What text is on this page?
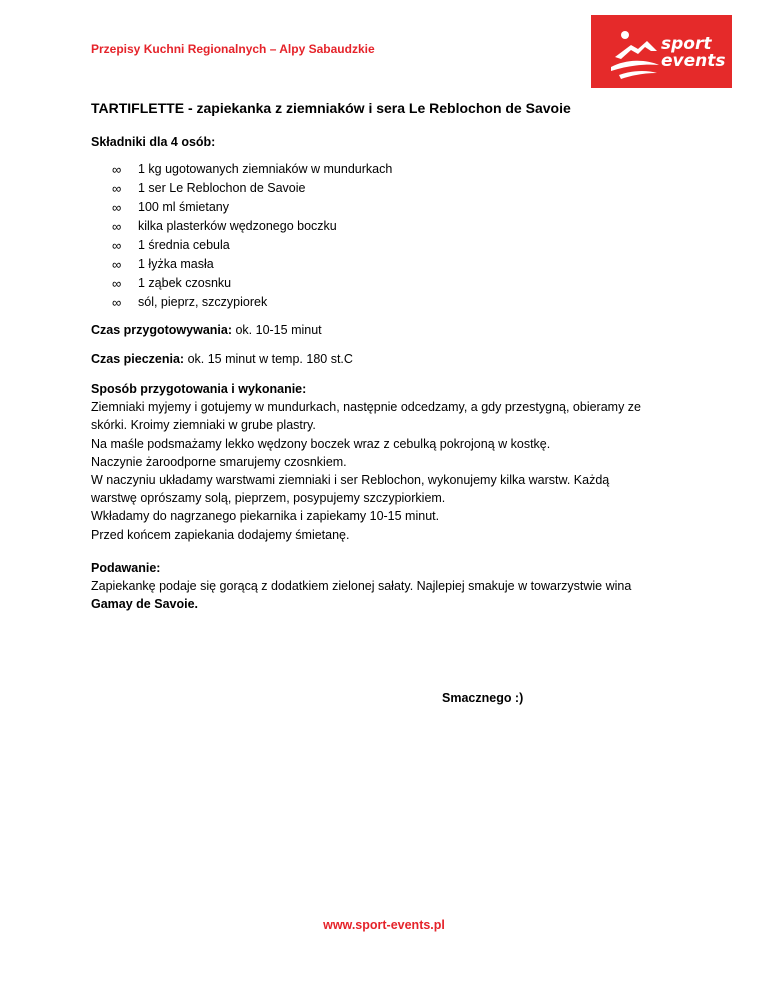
Przepisy Kuchni Regionalnych – Alpy Sabaudzkie	sport
events
TARTIFLETTE - zapiekanka z ziemniaków i sera Le Reblochon de Savoie
Składniki dla 4 osób:
∞ 1 kg ugotowanych ziemniaków w mundurkach
∞ 1 ser Le Reblochon de Savoie
∞ 100 ml śmietany
∞ kilka plasterków wędzonego boczku
∞ 1 średnia cebula
∞ 1 łyżka masła
∞ 1 ząbek czosnku
∞ sól, pieprz, szczypiorek
Czas przygotowywania: ok. 10-15 minut
Czas pieczenia: ok. 15 minut w temp. 180 st.C
Sposób przygotowania i wykonanie:
Ziemniaki myjemy i gotujemy w mundurkach, następnie odcedzamy, a gdy przestygną, obieramy ze
skórki. Kroimy ziemniaki w grube plastry.
Na maśle podsmażamy lekko wędzony boczek wraz z cebulką pokrojoną w kostkę.
Naczynie żaroodporne smarujemy czosnkiem.
W naczyniu układamy warstwami ziemniaki i ser Reblochon, wykonujemy kilka warstw. Każdą
warstwę oprószamy solą, pieprzem, posypujemy szczypiorkiem.
Wkładamy do nagrzanego piekarnika i zapiekamy 10-15 minut.
Przed końcem zapiekania dodajemy śmietanę.
Podawanie:
Zapiekankę podaje się gorącą z dodatkiem zielonej sałaty. Najlepiej smakuje w towarzystwie wina
Gamay de Savoie.
Smacznego :)
www.sport-events.pl
